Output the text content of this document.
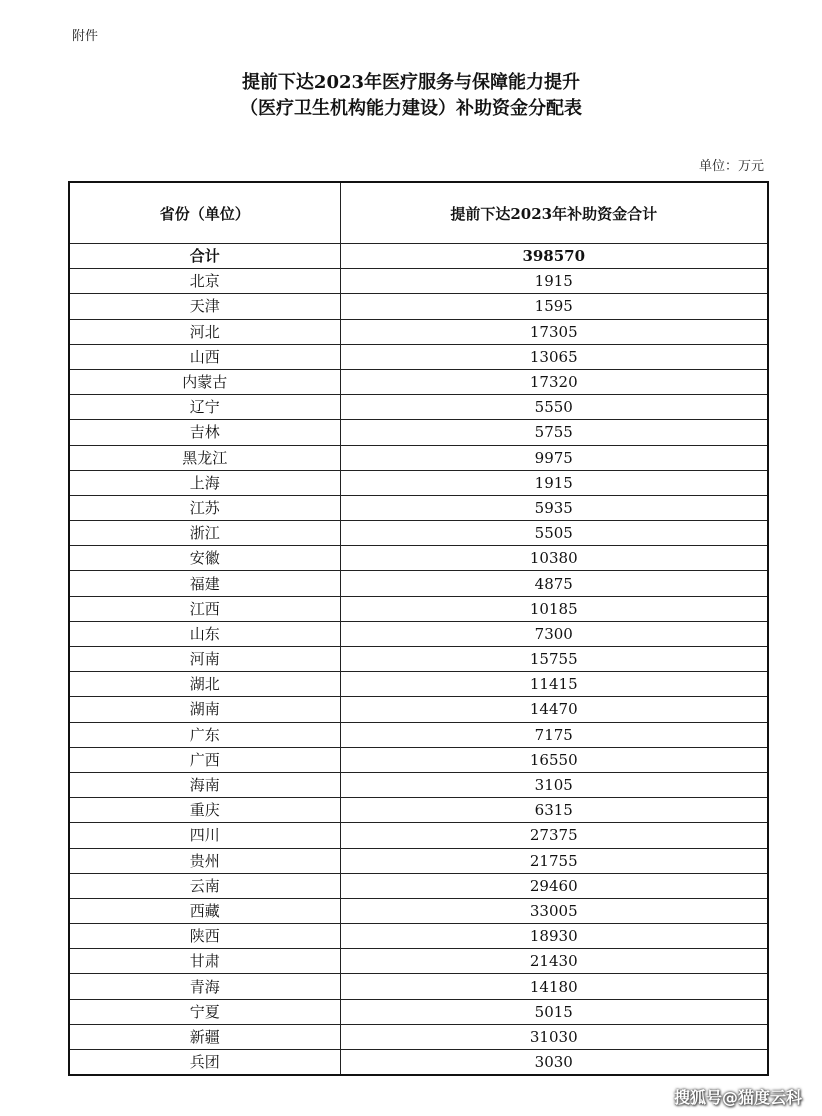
附件
提前下达2023年医疗服务与保障能力提升
（医疗卫生机构能力建设）补助资金分配表
单位：万元
省份（单位）	提前下达2023年补助资金合计
合计	398570
北京	1915
天津	1595
河北	17305
山西	13065
内蒙古	17320
辽宁	5550
吉林	5755
黑龙江	9975
上海	1915
江苏	5935
浙江	5505
安徽	10380
福建	4875
江西	10185
山东	7300
河南	15755
湖北	11415
湖南	14470
广东	7175
广西	16550
海南	3105
重庆	6315
四川	27375
贵州	21755
云南	29460
西藏	33005
陕西	18930
甘肃	21430
青海	14180
宁夏	5015
新疆	31030
兵团	3030
搜狐号@猫度云科
